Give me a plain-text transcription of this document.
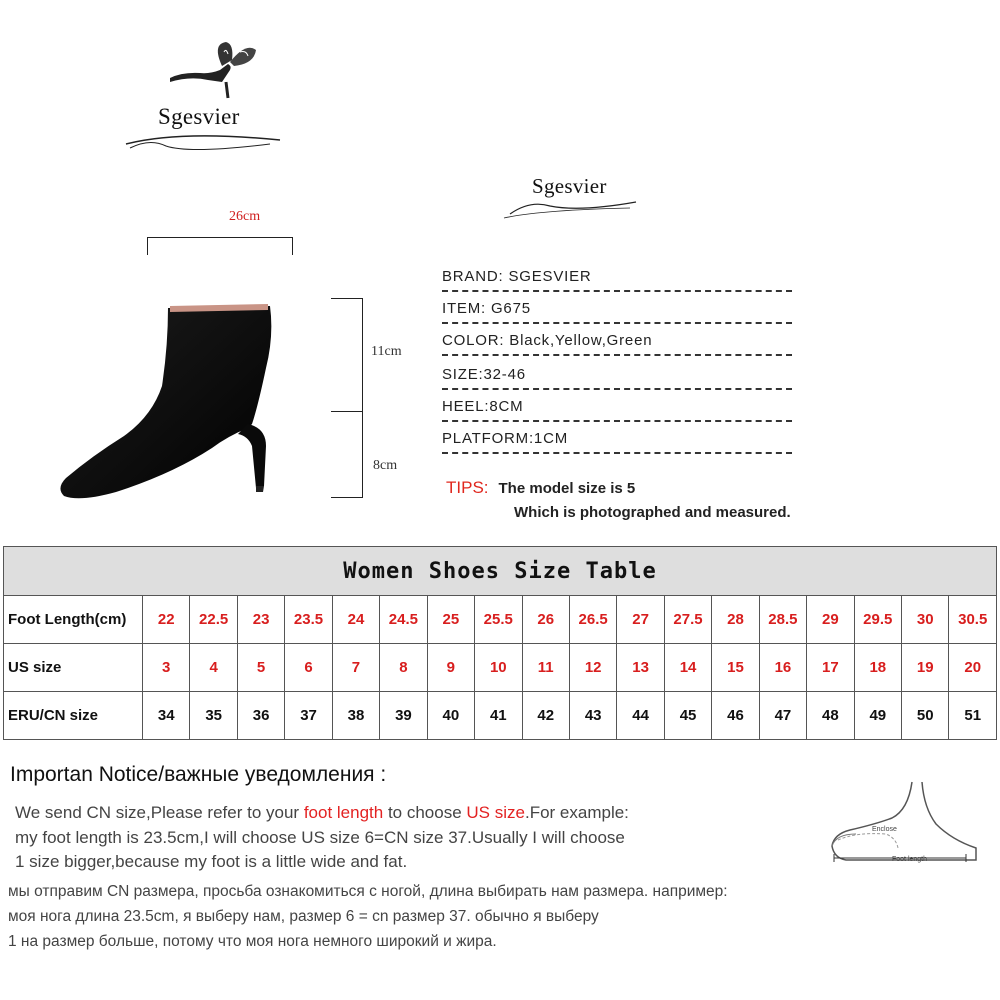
Sgesvier
Sgesvier
26cm
11cm
8cm
BRAND: SGESVIER
ITEM: G675
COLOR: Black,Yellow,Green
SIZE:32-46
HEEL:8CM
PLATFORM:1CM
TIPS: The model size is 5
Which is photographed and measured.
Women Shoes Size Table																		
Foot Length(cm)	22	22.5	23	23.5	24	24.5	25	25.5	26	26.5	27	27.5	28	28.5	29	29.5	30	30.5
US size	3	4	5	6	7	8	9	10	11	12	13	14	15	16	17	18	19	20
ERU/CN size	34	35	36	37	38	39	40	41	42	43	44	45	46	47	48	49	50	51
Importan Notice/важные уведомления :
We send CN size,Please refer to your foot length to choose US size.For example:
my foot length is 23.5cm,I will choose US size 6=CN size 37.Usually I will choose
1 size bigger,because my foot is a little wide and fat.
Enclose
Foot length
мы отправим CN размера, просьба ознакомиться с ногой, длина выбирать нам размера. например:
моя нога длина 23.5cm, я выберу нам, размер 6 = cn размер 37. обычно я выберу
1 на размер больше, потому что моя нога немного широкий и жира.
